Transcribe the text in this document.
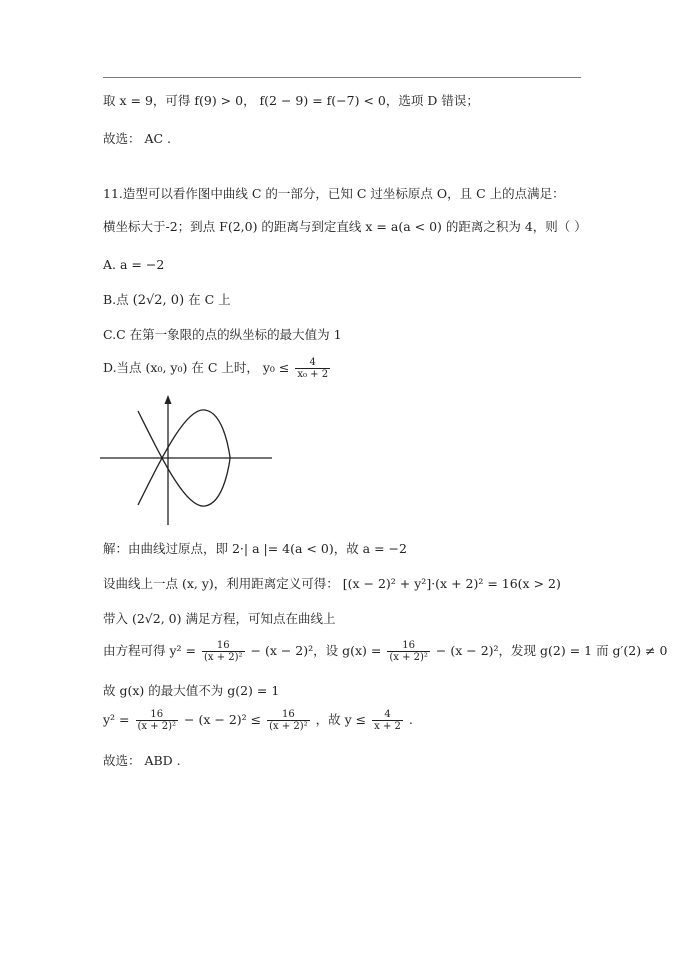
取 x = 9，可得 f(9) > 0， f(2 − 9) = f(−7) < 0，选项 D 错误；
故选： AC .
11.造型可以看作图中曲线 C 的一部分，已知 C 过坐标原点 O，且 C 上的点满足：
横坐标大于-2；到点 F(2,0) 的距离与到定直线 x = a(a < 0) 的距离之积为 4，则（ ）
A. a = −2
B.点 (2√2, 0) 在 C 上
C.C 在第一象限的点的纵坐标的最大值为 1
D.当点 (x₀, y₀) 在 C 上时， $y_0 \le \frac{4}{\text{x₀ + 2}}$
解：由曲线过原点，即 2·| a |= 4(a < 0)，故 a = −2
设曲线上一点 (x, y)，利用距离定义可得： [(x − 2)² + y²]·(x + 2)² = 16(x > 2)
带入 (2√2, 0) 满足方程，可知点在曲线上
由方程可得 $y^2 = \frac{16}{\text{(x + 2)²}} - (x - 2)^2$，设 $g(x) = \frac{16}{\text{(x + 2)²}} - (x - 2)^2$，发现 g(2) = 1 而 g′(2) ≠ 0
故 g(x) 的最大值不为 g(2) = 1
$y^2 = \frac{16}{\text{(x + 2)²}} - (x - 2)^2 \le \frac{16}{\text{(x + 2)²}}$ ，故 $y \le \frac{4}{x + 2}$ .
故选： ABD .
